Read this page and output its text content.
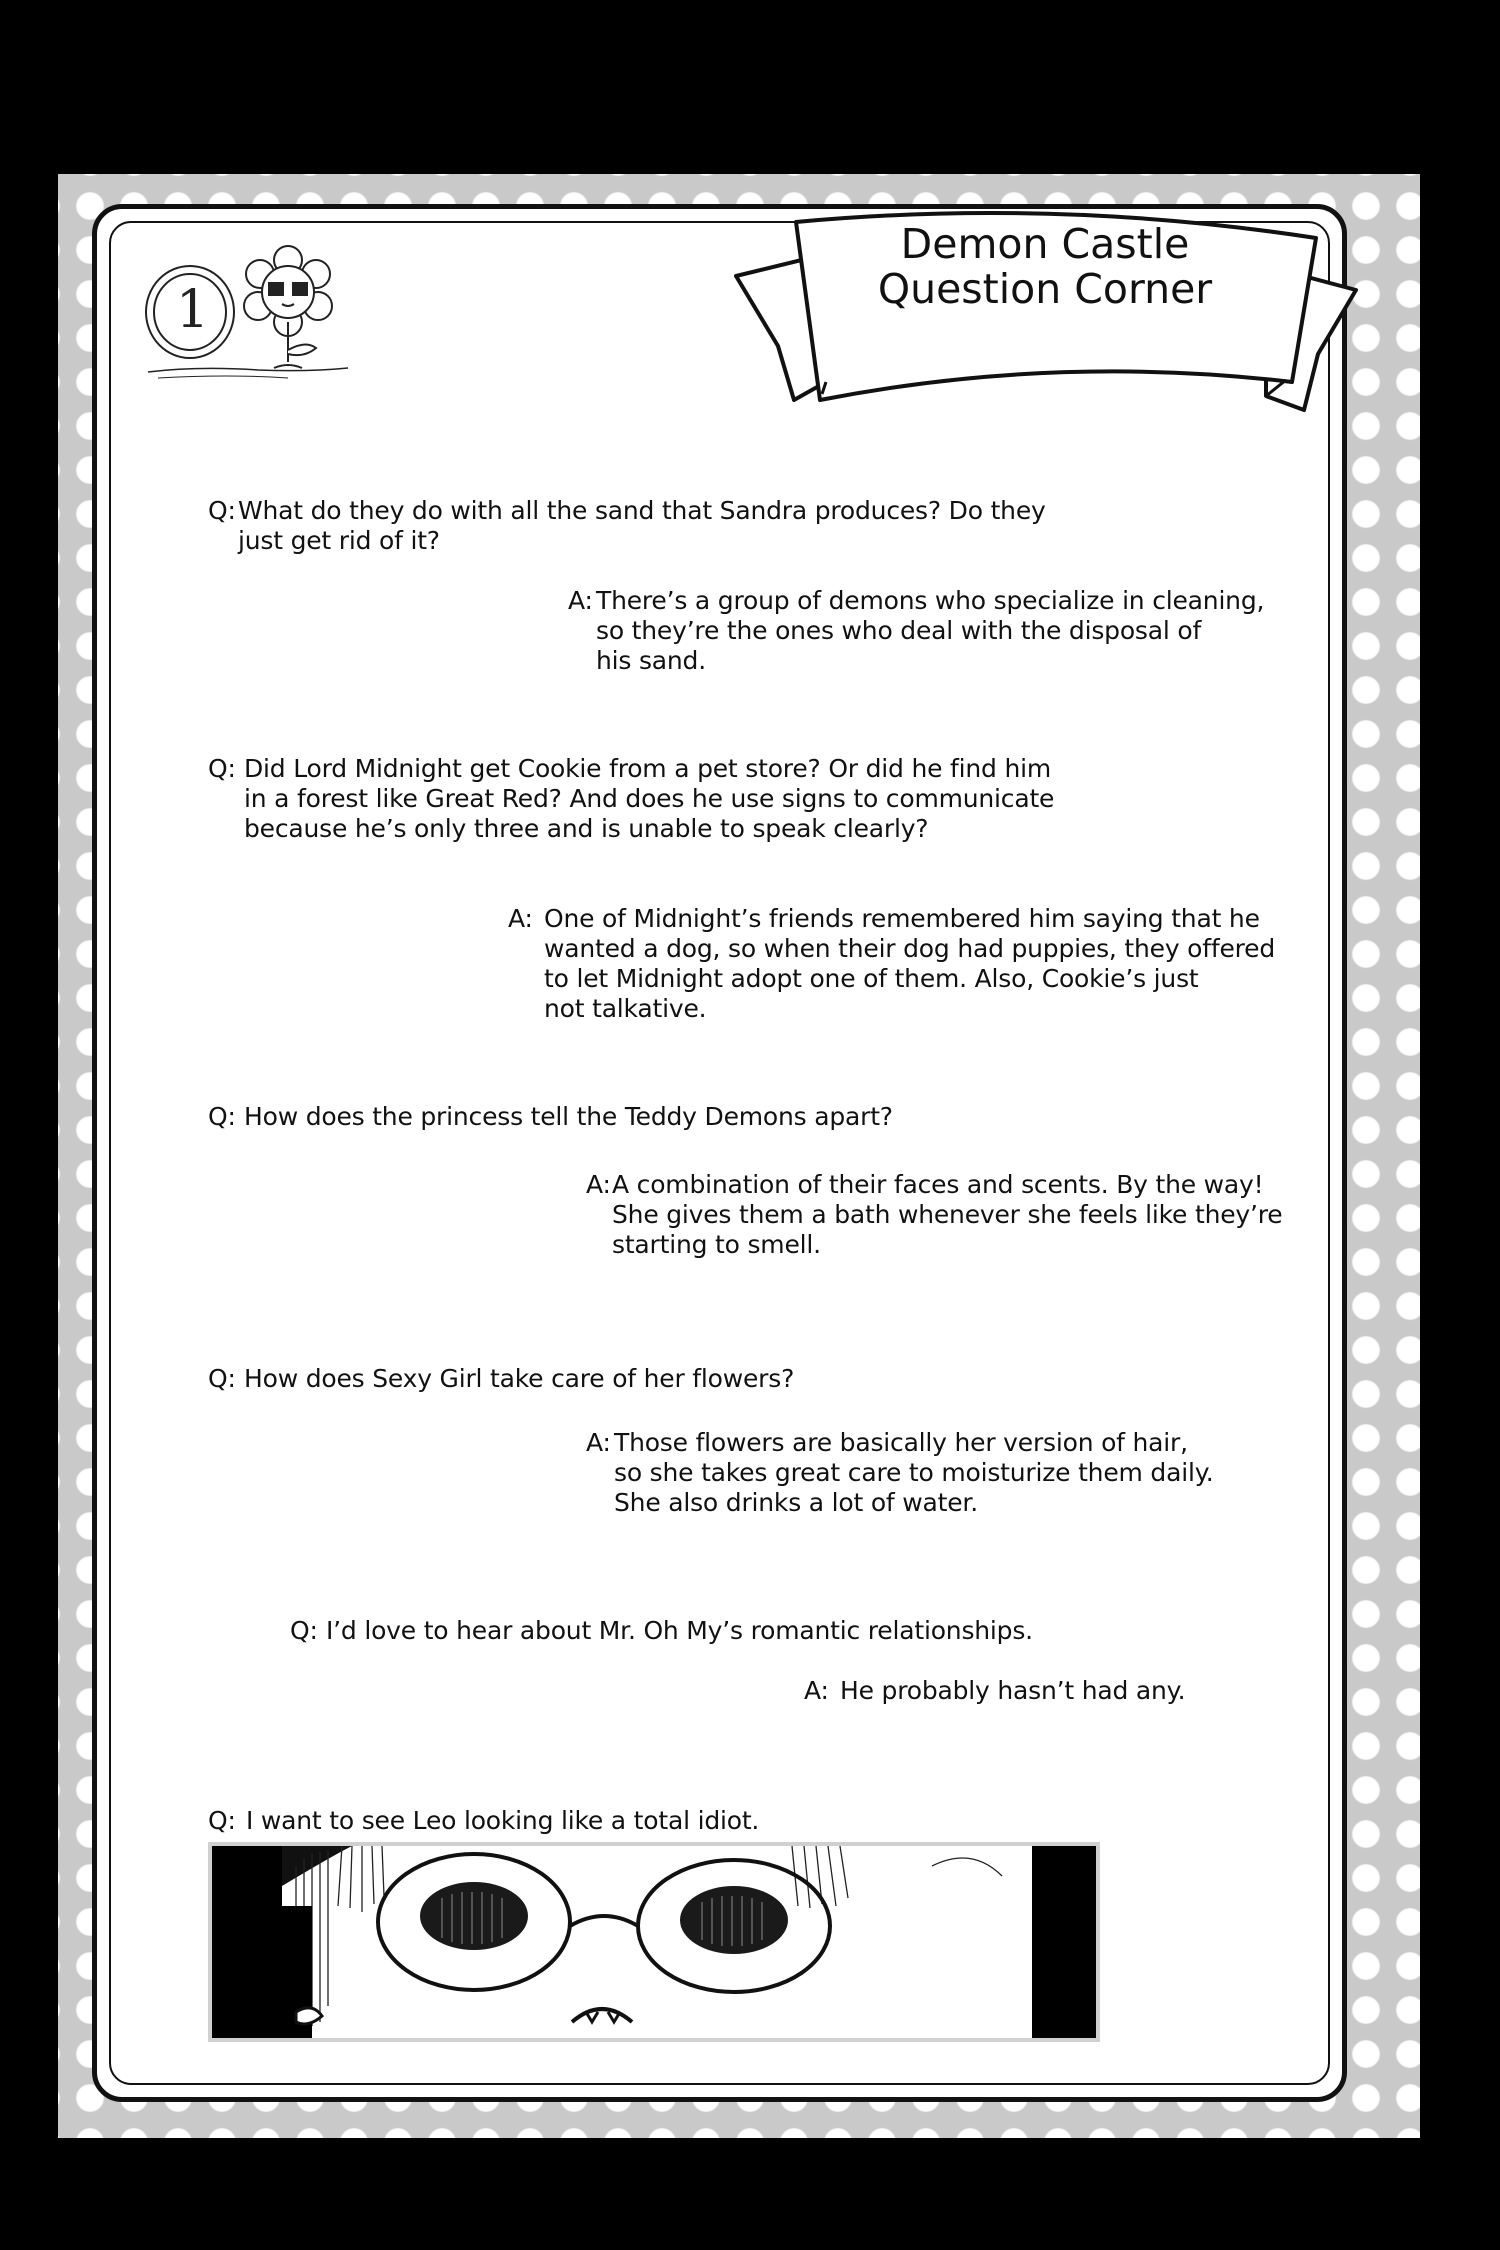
1
Demon Castle
Question Corner
Q: What do they do with all the sand that Sandra produces? Do they
just get rid of it?
A: There’s a group of demons who specialize in cleaning,
so they’re the ones who deal with the disposal of
his sand.
Q: Did Lord Midnight get Cookie from a pet store? Or did he find him
in a forest like Great Red? And does he use signs to communicate
because he’s only three and is unable to speak clearly?
A: One of Midnight’s friends remembered him saying that he
wanted a dog, so when their dog had puppies, they offered
to let Midnight adopt one of them. Also, Cookie’s just
not talkative.
Q: How does the princess tell the Teddy Demons apart?
A: A combination of their faces and scents. By the way!
She gives them a bath whenever she feels like they’re
starting to smell.
Q: How does Sexy Girl take care of her flowers?
A: Those flowers are basically her version of hair,
so she takes great care to moisturize them daily.
She also drinks a lot of water.
Q: I’d love to hear about Mr. Oh My’s romantic relationships.
A: He probably hasn’t had any.
Q: I want to see Leo looking like a total idiot.
